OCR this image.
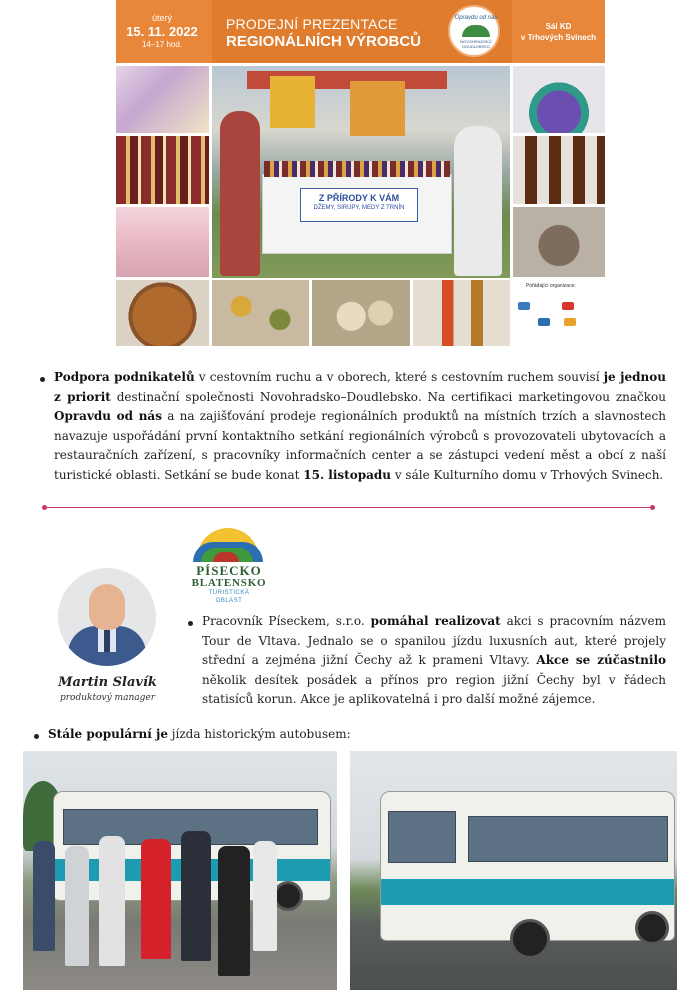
úterý
15. 11. 2022
14–17 hod.
PRODEJNÍ PREZENTACE
REGIONÁLNÍCH VÝROBCŮ
Opravdu od nás
NOVOHRADSKO DOUDLEBSKO
Sál KD
v Trhových Svinech
Z PŘÍRODY K VÁM
DŽEMY, SIRUPY, MEDY Z TRNÍN
Pořádající organizace:
Podpora podnikatelů v cestovním ruchu a v oborech, které s cestovním ruchem souvisí je jednou z priorit destinační společnosti Novohradsko–Doudlebsko. Na certifikaci marketingovou značkou Opravdu od nás a na zajišťování prodeje regionálních produktů na místních trzích a slavnostech navazuje uspořádání první kontaktního setkání regionálních výrobců s provozovateli ubytovacích a restauračních zařízení, s pracovníky informačních center a se zástupci vedení měst a obcí z naší turistické oblasti. Setkání se bude konat 15. listopadu v sále Kulturního domu v Trhových Svinech.
PÍSECKO
BLATENSKO
TURISTICKÁ
OBLAST
Martin Slavík
produktový manager
Pracovník Píseckem, s.r.o. pomáhal realizovat akci s pracovním názvem Tour de Vltava. Jednalo se o spanilou jízdu luxusních aut, které projely střední a zejména jižní Čechy až k prameni Vltavy. Akce se zúčastnilo několik desítek posádek a přínos pro region jižní Čechy byl v řádech statisíců korun. Akce je aplikovatelná i pro další možné zájemce.
Stále populární je jízda historickým autobusem:
